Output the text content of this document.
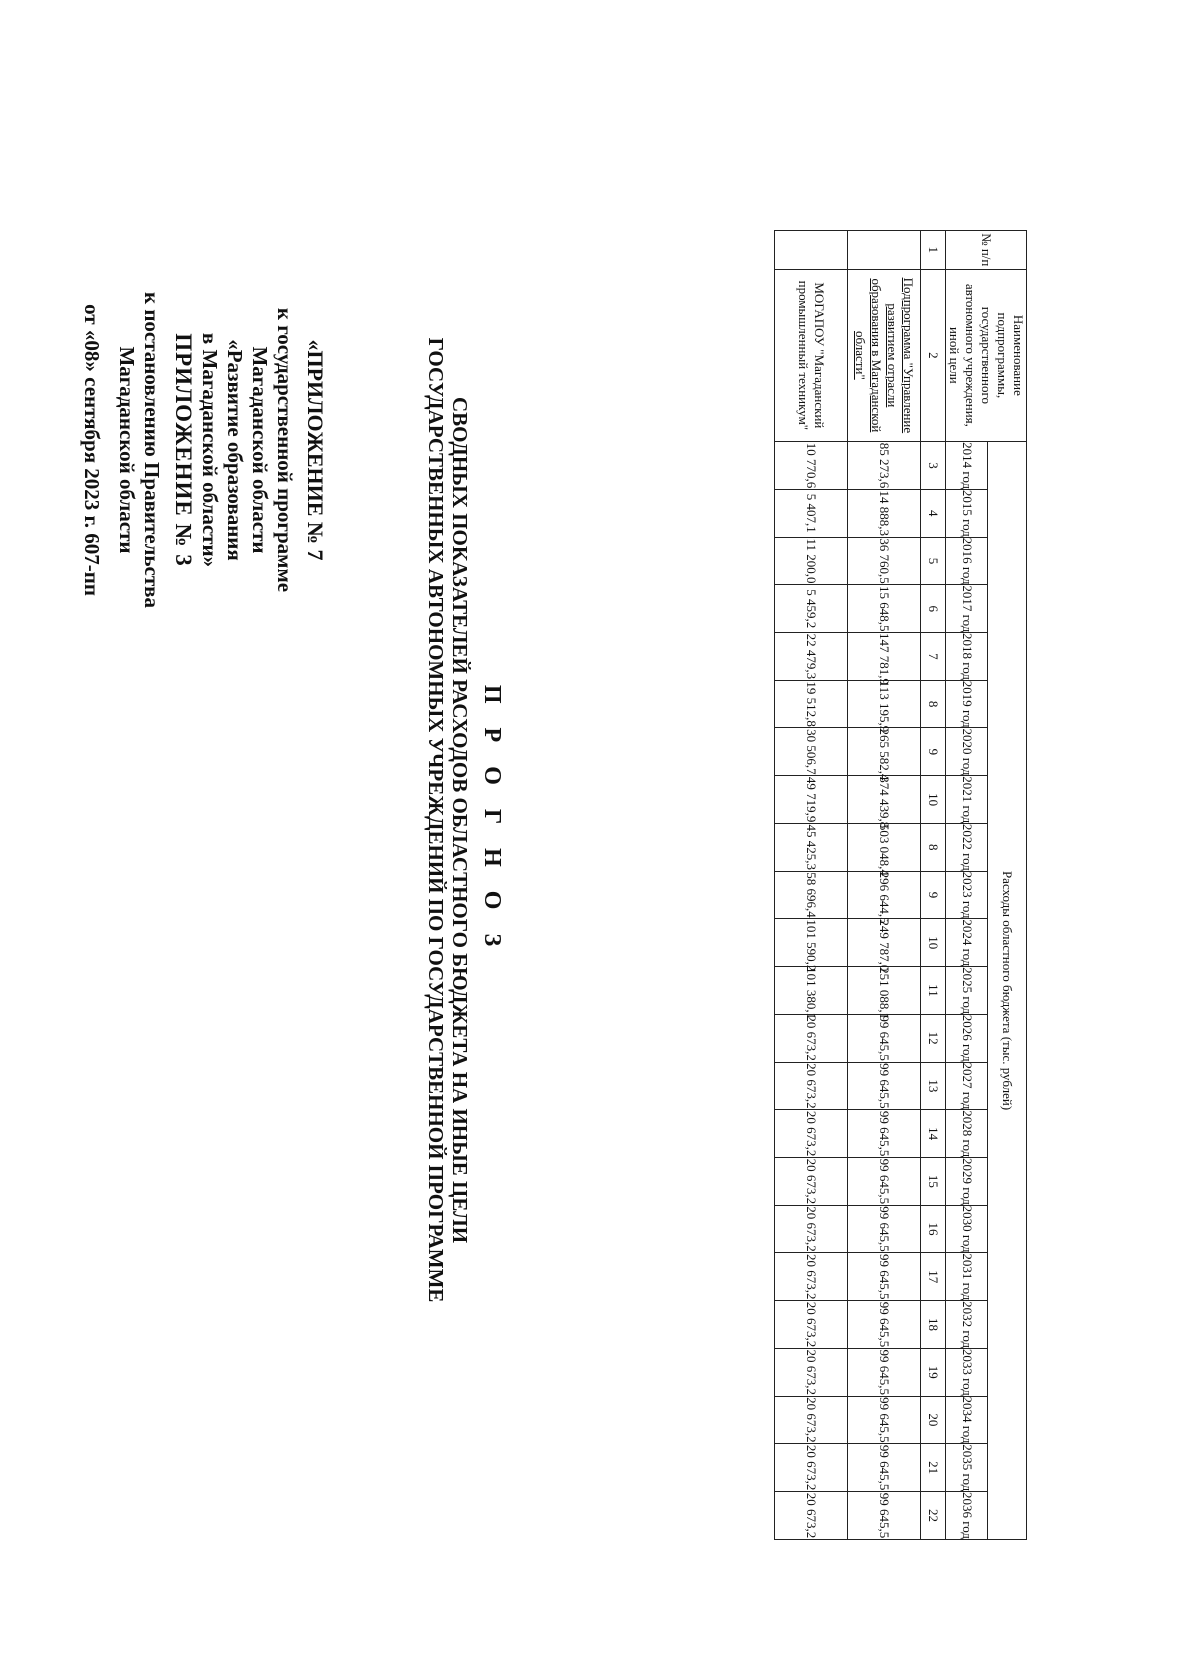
ПРИЛОЖЕНИЕ № 3
к постановлению Правительства
Магаданской области
от «08» сентября 2023 г. 607-пп	«ПРИЛОЖЕНИЕ № 7
к государственной программе
Магаданской области
«Развитие образования
в Магаданской области»
П Р О Г Н О З
СВОДНЫХ ПОКАЗАТЕЛЕЙ РАСХОДОВ ОБЛАСТНОГО БЮДЖЕТА НА ИНЫЕ ЦЕЛИ ГОСУДАРСТВЕННЫХ АВТОНОМНЫХ УЧРЕЖДЕНИЙ ПО ГОСУДАРСТВЕННОЙ ПРОГРАММЕ
№ п/п	Наименование подпрограммы, государственного автономного учреждения, иной цели	Расходы областного бюджета (тыс. рублей)																						
		2014 год	2015 год	2016 год	2017 год	2018 год	2019 год	2020 год	2021 год	2022 год	2023 год	2024 год	2025 год	2026 год	2027 год	2028 год	2029 год	2030 год	2031 год	2032 год	2033 год	2034 год	2035 год	2036 год
1	2	3	4	5	6	7	8	9	10	8	9	10	11	12	13	14	15	16	17	18	19	20	21	22
	Подпрограмма "Управление развитием отрасли образования в Магаданской области"	85 273,6	14 888,3	36 760,5	15 648,5	147 781,9	113 195,9	265 582,4	374 439,8	503 048,4	296 644,5	249 787,0	251 088,1	99 645,5	99 645,5	99 645,5	99 645,5	99 645,5	99 645,5	99 645,5	99 645,5	99 645,5	99 645,5	99 645,5
	МОГАПОУ "Магаданский промышленный техникум"	10 770,6	5 407,1	11 200,0	5 459,2	22 479,3	19 512,8	30 506,7	49 719,9	45 425,3	58 696,4	101 590,2	101 380,1	20 673,2	20 673,2	20 673,2	20 673,2	20 673,2	20 673,2	20 673,2	20 673,2	20 673,2	20 673,2	20 673,2
